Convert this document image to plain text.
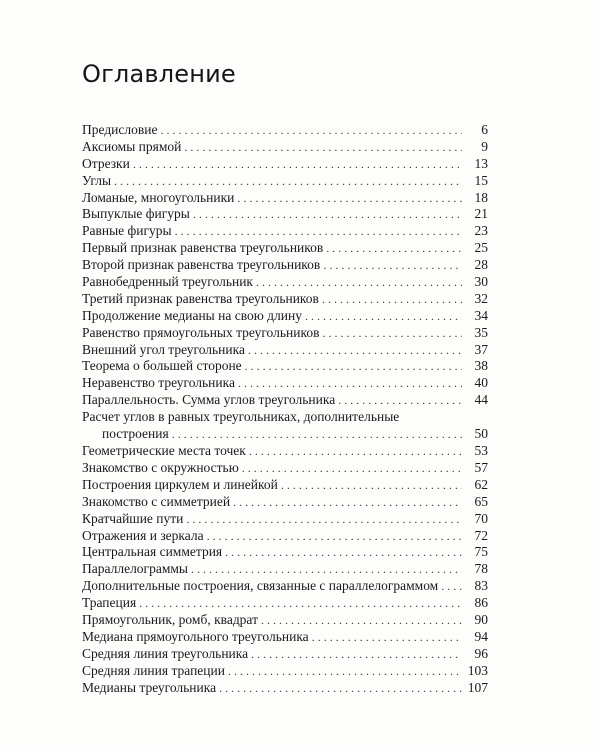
Оглавление
Предисловие . . .	6
Аксиомы прямой . . .	9
Отрезки . . .	13
Углы . . .	15
Ломаные, многоугольники . . .	18
Выпуклые фигуры . . .	21
Равные фигуры . . .	23
Первый признак равенства треугольников . . .	25
Второй признак равенства треугольников . . .	28
Равнобедренный треугольник . . .	30
Третий признак равенства треугольников . . .	32
Продолжение медианы на свою длину . . .	34
Равенство прямоугольных треугольников . . .	35
Внешний угол треугольника . . .	37
Теорема о большей стороне . . .	38
Неравенство треугольника . . .	40
Параллельность. Сумма углов треугольника . . .	44
Расчет углов в равных треугольниках, дополнительные
построения . . .	50
Геометрические места точек . . .	53
Знакомство с окружностью . . .	57
Построения циркулем и линейкой . . .	62
Знакомство с симметрией . . .	65
Кратчайшие пути . . .	70
Отражения и зеркала . . .	72
Центральная симметрия . . .	75
Параллелограммы . . .	78
Дополнительные построения, связанные с параллелограммом . . .	83
Трапеция . . .	86
Прямоугольник, ромб, квадрат . . .	90
Медиана прямоугольного треугольника . . .	94
Средняя линия треугольника . . .	96
Средняя линия трапеции . . .	103
Медианы треугольника . . .	107
